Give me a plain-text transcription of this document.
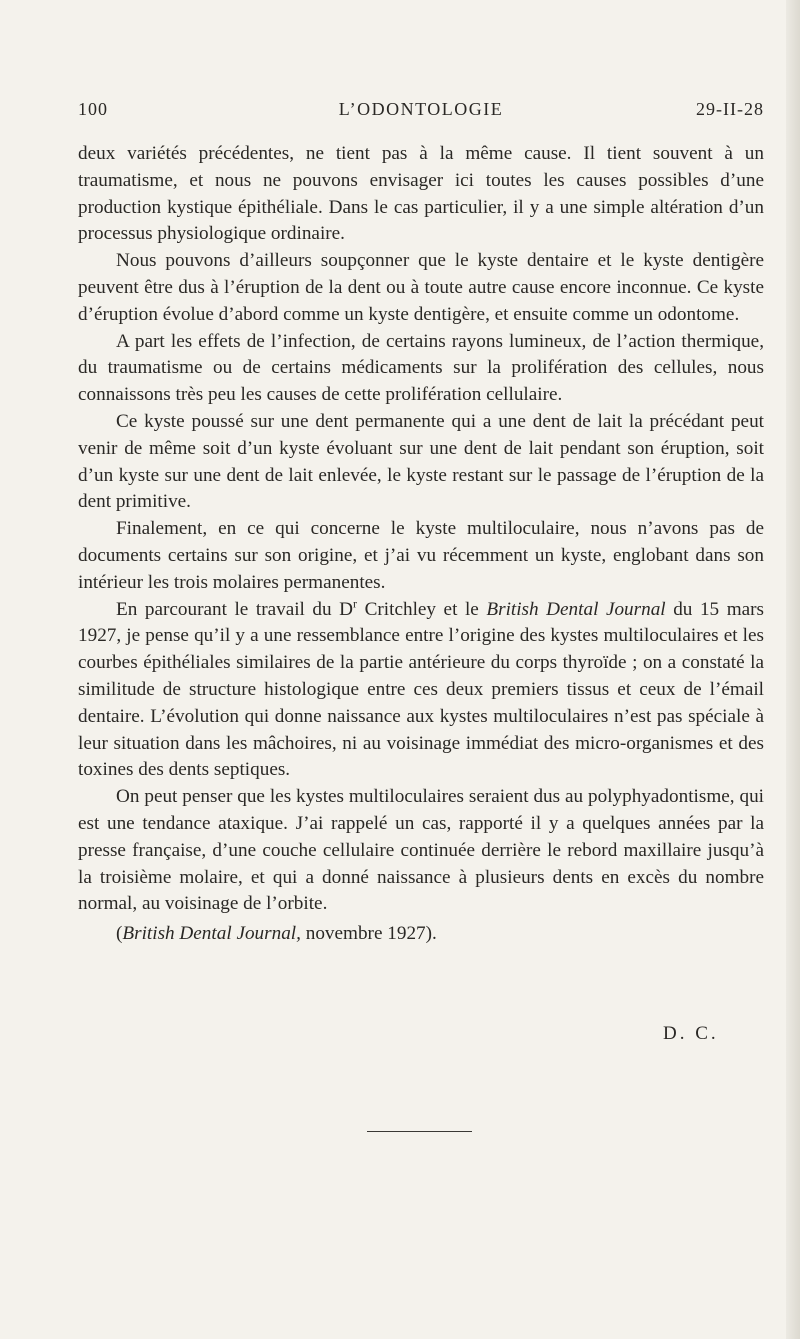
100	L’ODONTOLOGIE	29-II-28

deux variétés précédentes, ne tient pas à la même cause. Il tient souvent à un traumatisme, et nous ne pouvons envisager ici toutes les causes possibles d’une production kystique épithéliale. Dans le cas particulier, il y a une simple altération d’un processus physiologique ordinaire.

Nous pouvons d’ailleurs soupçonner que le kyste dentaire et le kyste dentigère peuvent être dus à l’éruption de la dent ou à toute autre cause encore inconnue. Ce kyste d’éruption évolue d’abord comme un kyste dentigère, et ensuite comme un odontome.

A part les effets de l’infection, de certains rayons lumineux, de l’action thermique, du traumatisme ou de certains médicaments sur la prolifération des cellules, nous connaissons très peu les causes de cette prolifération cellulaire.

Ce kyste poussé sur une dent permanente qui a une dent de lait la précédant peut venir de même soit d’un kyste évoluant sur une dent de lait pendant son éruption, soit d’un kyste sur une dent de lait enlevée, le kyste restant sur le passage de l’éruption de la dent primitive.

Finalement, en ce qui concerne le kyste multiloculaire, nous n’avons pas de documents certains sur son origine, et j’ai vu récemment un kyste, englobant dans son intérieur les trois molaires permanentes.

En parcourant le travail du $D^r$ Critchley et le British Dental Journal du 15 mars 1927, je pense qu’il y a une ressemblance entre l’origine des kystes multiloculaires et les courbes épithéliales similaires de la partie antérieure du corps thyroïde ; on a constaté la similitude de structure histologique entre ces deux premiers tissus et ceux de l’émail dentaire. L’évolution qui donne naissance aux kystes multiloculaires n’est pas spéciale à leur situation dans les mâchoires, ni au voisinage immédiat des micro-organismes et des toxines des dents septiques.

On peut penser que les kystes multiloculaires seraient dus au polyphyadontisme, qui est une tendance ataxique. J’ai rappelé un cas, rapporté il y a quelques années par la presse française, d’une couche cellulaire continuée derrière le rebord maxillaire jusqu’à la troisième molaire, et qui a donné naissance à plusieurs dents en excès du nombre normal, au voisinage de l’orbite.

(British Dental Journal, novembre 1927).

D. C.
